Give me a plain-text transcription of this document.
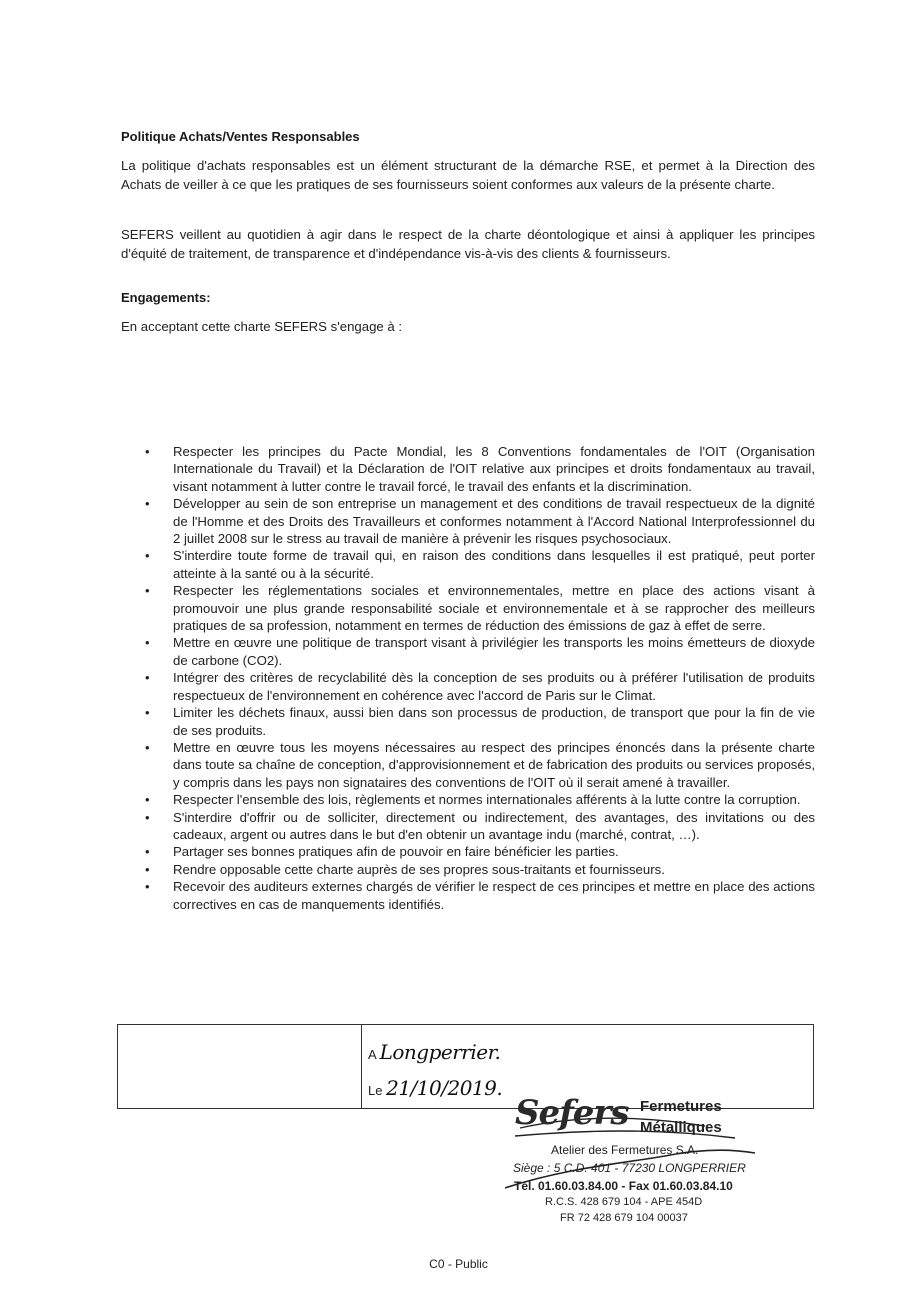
Politique Achats/Ventes Responsables
La politique d'achats responsables est un élément structurant de la démarche RSE, et permet à la Direction des Achats de veiller à ce que les pratiques de ses fournisseurs soient conformes aux valeurs de la présente charte.
SEFERS veillent au quotidien à agir dans le respect de la charte déontologique et ainsi à appliquer les principes d'équité de traitement, de transparence et d'indépendance vis-à-vis des clients & fournisseurs.
Engagements:
En acceptant cette charte SEFERS s'engage à :
• Respecter les principes du Pacte Mondial, les 8 Conventions fondamentales de l'OIT (Organisation Internationale du Travail) et la Déclaration de l'OIT relative aux principes et droits fondamentaux au travail, visant notamment à lutter contre le travail forcé, le travail des enfants et la discrimination.
• Développer au sein de son entreprise un management et des conditions de travail respectueux de la dignité de l'Homme et des Droits des Travailleurs et conformes notamment à l'Accord National Interprofessionnel du 2 juillet 2008 sur le stress au travail de manière à prévenir les risques psychosociaux.
• S'interdire toute forme de travail qui, en raison des conditions dans lesquelles il est pratiqué, peut porter atteinte à la santé ou à la sécurité.
• Respecter les réglementations sociales et environnementales, mettre en place des actions visant à promouvoir une plus grande responsabilité sociale et environnementale et à se rapprocher des meilleurs pratiques de sa profession, notamment en termes de réduction des émissions de gaz à effet de serre.
• Mettre en œuvre une politique de transport visant à privilégier les transports les moins émetteurs de dioxyde de carbone (CO2).
• Intégrer des critères de recyclabilité dès la conception de ses produits ou à préférer l'utilisation de produits respectueux de l'environnement en cohérence avec l'accord de Paris sur le Climat.
• Limiter les déchets finaux, aussi bien dans son processus de production, de transport que pour la fin de vie de ses produits.
• Mettre en œuvre tous les moyens nécessaires au respect des principes énoncés dans la présente charte dans toute sa chaîne de conception, d'approvisionnement et de fabrication des produits ou services proposés, y compris dans les pays non signataires des conventions de l'OIT où il serait amené à travailler.
• Respecter l'ensemble des lois, règlements et normes internationales afférents à la lutte contre la corruption.
• S'interdire d'offrir ou de solliciter, directement ou indirectement, des avantages, des invitations ou des cadeaux, argent ou autres dans le but d'en obtenir un avantage indu (marché, contrat, …).
• Partager ses bonnes pratiques afin de pouvoir en faire bénéficier les parties.
• Rendre opposable cette charte auprès de ses propres sous-traitants et fournisseurs.
• Recevoir des auditeurs externes chargés de vérifier le respect de ces principes et mettre en place des actions correctives en cas de manquements identifiés.
A Longperrier.
Le 21/10/2019.
Sefers Fermetures
Métalliques
Atelier des Fermetures S.A.
Siège : 5 C.D. 401 - 77230 LONGPERRIER
Tél. 01.60.03.84.00 - Fax 01.60.03.84.10
R.C.S. 428 679 104 - APE 454D
FR 72 428 679 104 00037
C0 - Public
